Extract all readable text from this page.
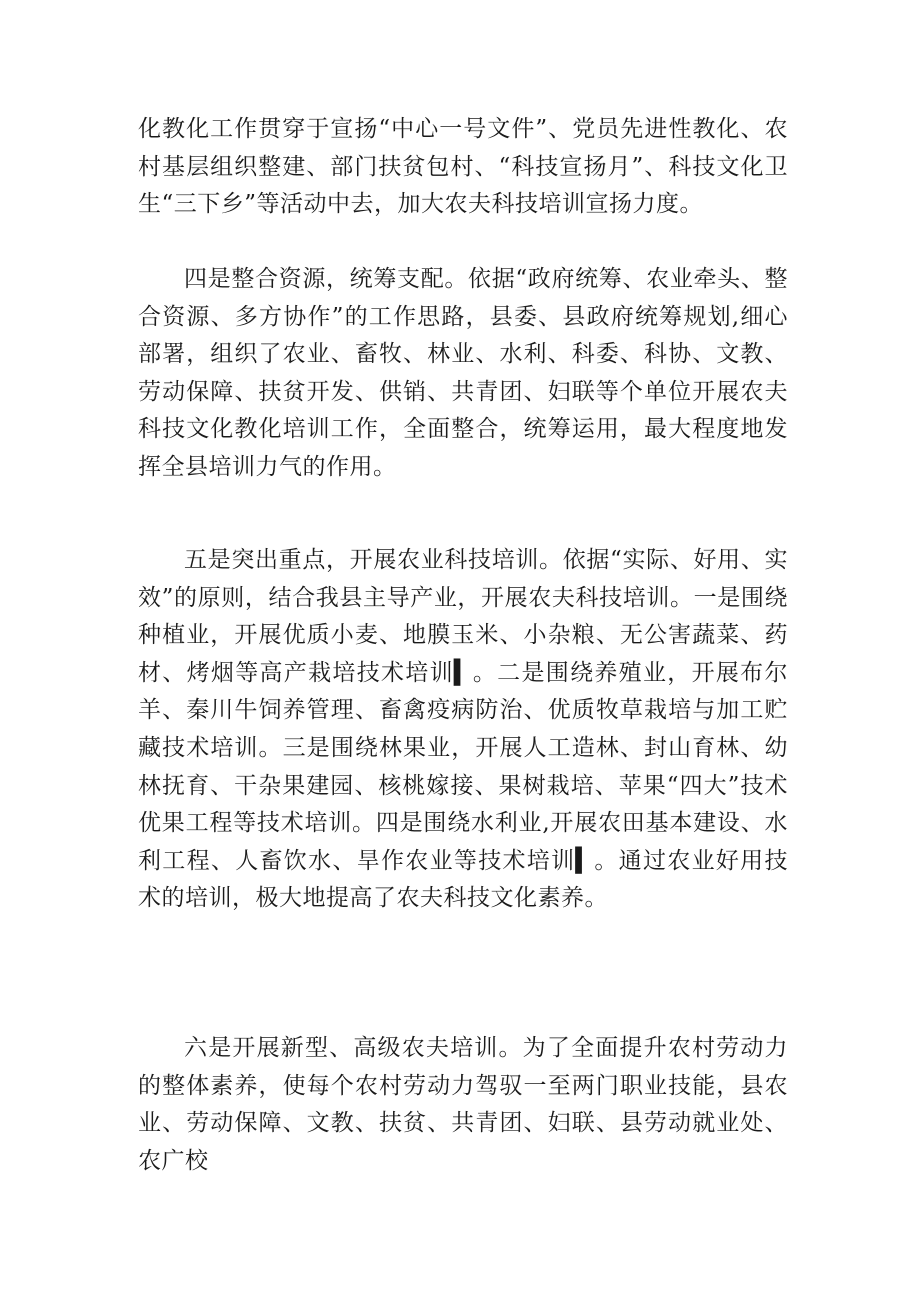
化教化工作贯穿于宣扬“中心一号文件”、党员先进性教化、农村基层组织整建、部门扶贫包村、“科技宣扬月”、科技文化卫生“三下乡”等活动中去，加大农夫科技培训宣扬力度。

四是整合资源，统筹支配。依据“政府统筹、农业牵头、整合资源、多方协作”的工作思路，县委、县政府统筹规划,细心部署，组织了农业、畜牧、林业、水利、科委、科协、文教、劳动保障、扶贫开发、供销、共青团、妇联等个单位开展农夫科技文化教化培训工作，全面整合，统筹运用，最大程度地发挥全县培训力气的作用。

五是突出重点，开展农业科技培训。依据“实际、好用、实效”的原则，结合我县主导产业，开展农夫科技培训。一是围绕种植业，开展优质小麦、地膜玉米、小杂粮、无公害蔬菜、药材、烤烟等高产栽培技术培训▍。二是围绕养殖业，开展布尔羊、秦川牛饲养管理、畜禽疫病防治、优质牧草栽培与加工贮藏技术培训。三是围绕林果业，开展人工造林、封山育林、幼林抚育、干杂果建园、核桃嫁接、果树栽培、苹果“四大”技术优果工程等技术培训。四是围绕水利业,开展农田基本建设、水利工程、人畜饮水、旱作农业等技术培训▍。通过农业好用技术的培训，极大地提高了农夫科技文化素养。

六是开展新型、高级农夫培训。为了全面提升农村劳动力的整体素养，使每个农村劳动力驾驭一至两门职业技能，县农业、劳动保障、文教、扶贫、共青团、妇联、县劳动就业处、农广校
